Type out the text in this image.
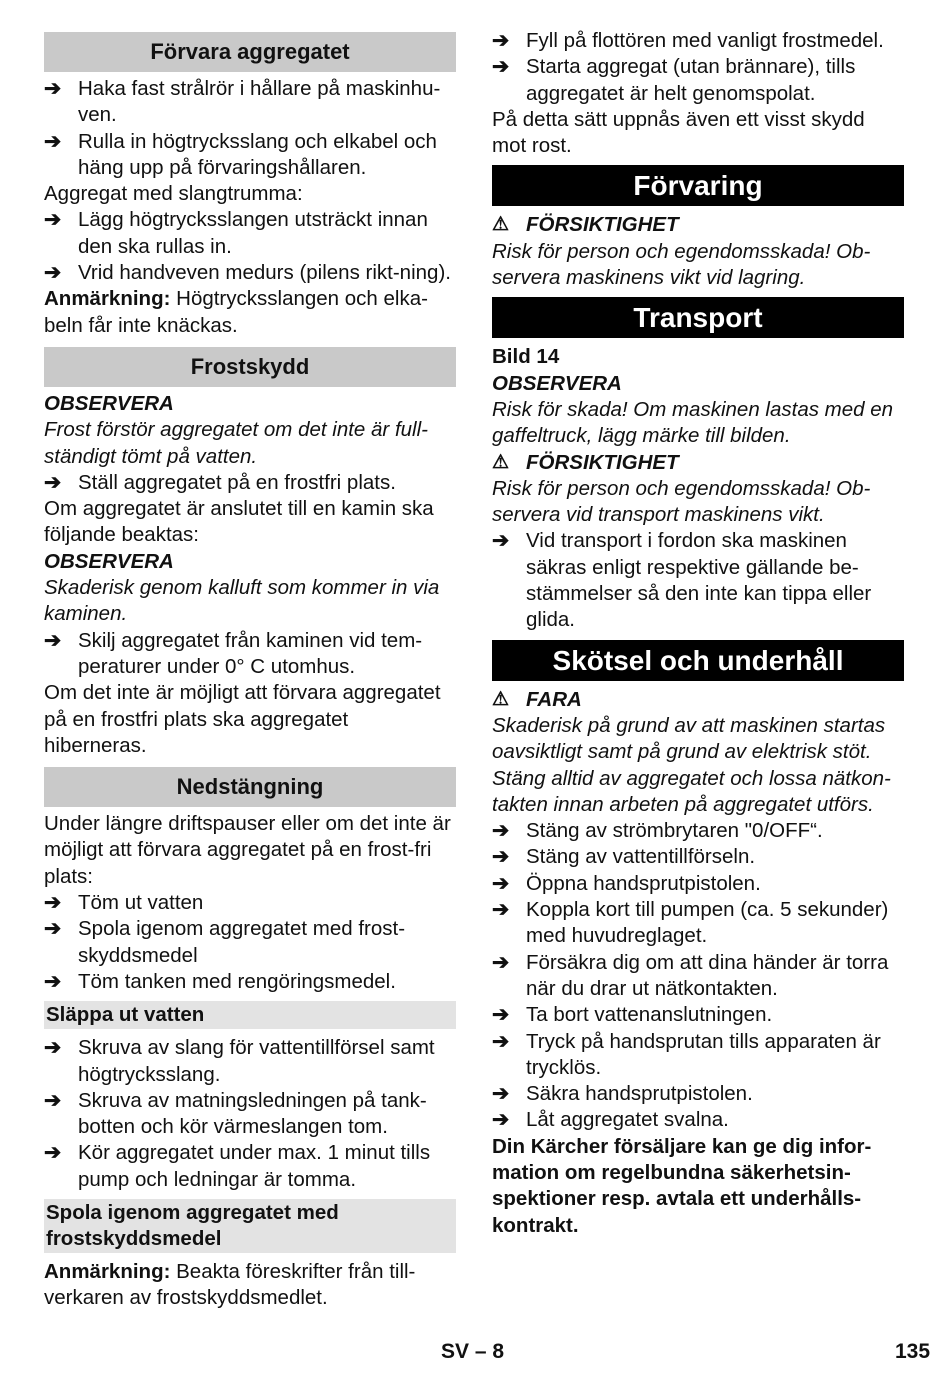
Förvara aggregatet
➔ Haka fast strålrör i hållare på maskinhu-ven.
➔ Rulla in högtrycksslang och elkabel och häng upp på förvaringshållaren.
Aggregat med slangtrumma:
➔ Lägg högtrycksslangen utsträckt innan den ska rullas in.
➔ Vrid handveven medurs (pilens rikt-ning).
Anmärkning: Högtrycksslangen och elka-beln får inte knäckas.
Frostskydd
OBSERVERA
Frost förstör aggregatet om det inte är full-ständigt tömt på vatten.
➔ Ställ aggregatet på en frostfri plats.
Om aggregatet är anslutet till en kamin ska följande beaktas:
OBSERVERA
Skaderisk genom kalluft som kommer in via kaminen.
➔ Skilj aggregatet från kaminen vid tem-peraturer under 0° C utomhus.
Om det inte är möjligt att förvara aggregatet på en frostfri plats ska aggregatet hiberneras.
Nedstängning
Under längre driftspauser eller om det inte är möjligt att förvara aggregatet på en frost-fri plats:
➔ Töm ut vatten
➔ Spola igenom aggregatet med frost-skyddsmedel
➔ Töm tanken med rengöringsmedel.
Släppa ut vatten
➔ Skruva av slang för vattentillförsel samt högtrycksslang.
➔ Skruva av matningsledningen på tank-botten och kör värmeslangen tom.
➔ Kör aggregatet under max. 1 minut tills pump och ledningar är tomma.
Spola igenom aggregatet med frostskyddsmedel
Anmärkning: Beakta föreskrifter från till-verkaren av frostskyddsmedlet.
➔ Fyll på flottören med vanligt frostmedel.
➔ Starta aggregat (utan brännare), tills aggregatet är helt genomspolat.
På detta sätt uppnås även ett visst skydd mot rost.
Förvaring
⚠ FÖRSIKTIGHET
Risk för person och egendomsskada! Ob-servera maskinens vikt vid lagring.
Transport
Bild 14
OBSERVERA
Risk för skada! Om maskinen lastas med en gaffeltruck, lägg märke till bilden.
⚠ FÖRSIKTIGHET
Risk för person och egendomsskada! Ob-servera vid transport maskinens vikt.
➔ Vid transport i fordon ska maskinen säkras enligt respektive gällande be-stämmelser så den inte kan tippa eller glida.
Skötsel och underhåll
⚠ FARA
Skaderisk på grund av att maskinen startas oavsiktligt samt på grund av elektrisk stöt. Stäng alltid av aggregatet och lossa nätkon-takten innan arbeten på aggregatet utförs.
➔ Stäng av strömbrytaren "0/OFF“.
➔ Stäng av vattentillförseln.
➔ Öppna handsprutpistolen.
➔ Koppla kort till pumpen (ca. 5 sekunder) med huvudreglaget.
➔ Försäkra dig om att dina händer är torra när du drar ut nätkontakten.
➔ Ta bort vattenanslutningen.
➔ Tryck på handsprutan tills apparaten är trycklös.
➔ Säkra handsprutpistolen.
➔ Låt aggregatet svalna.
Din Kärcher försäljare kan ge dig infor-mation om regelbundna säkerhetsin-spektioner resp. avtala ett underhålls-kontrakt.
SV – 8	135
